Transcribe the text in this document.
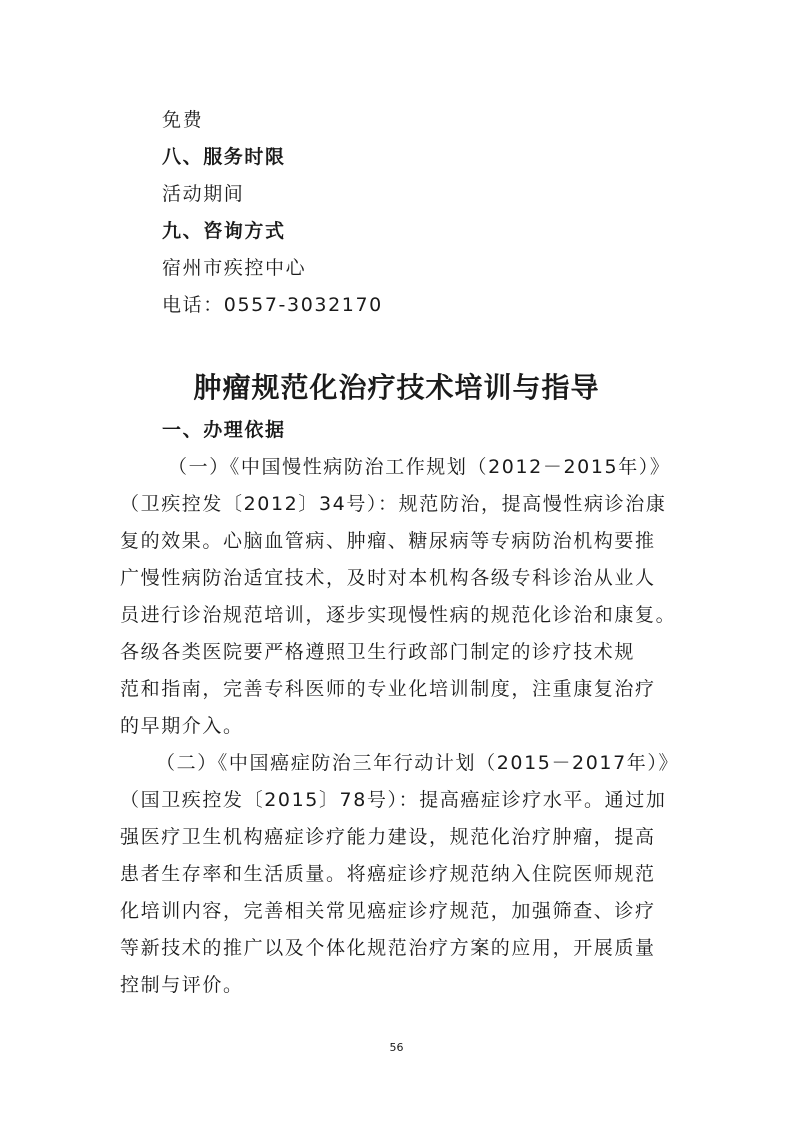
免费
八、服务时限
活动期间
九、咨询方式
宿州市疾控中心
电话：0557-3032170
肿瘤规范化治疗技术培训与指导
一、办理依据
（一）《中国慢性病防治工作规划（2012－2015年）》
（卫疾控发〔2012〕34号）：规范防治，提高慢性病诊治康
复的效果。心脑血管病、肿瘤、糖尿病等专病防治机构要推
广慢性病防治适宜技术，及时对本机构各级专科诊治从业人
员进行诊治规范培训，逐步实现慢性病的规范化诊治和康复。
各级各类医院要严格遵照卫生行政部门制定的诊疗技术规
范和指南，完善专科医师的专业化培训制度，注重康复治疗
的早期介入。
（二）《中国癌症防治三年行动计划（2015－2017年）》
（国卫疾控发〔2015〕78号）：提高癌症诊疗水平。通过加
强医疗卫生机构癌症诊疗能力建设，规范化治疗肿瘤，提高
患者生存率和生活质量。将癌症诊疗规范纳入住院医师规范
化培训内容，完善相关常见癌症诊疗规范，加强筛查、诊疗
等新技术的推广以及个体化规范治疗方案的应用，开展质量
控制与评价。
56
